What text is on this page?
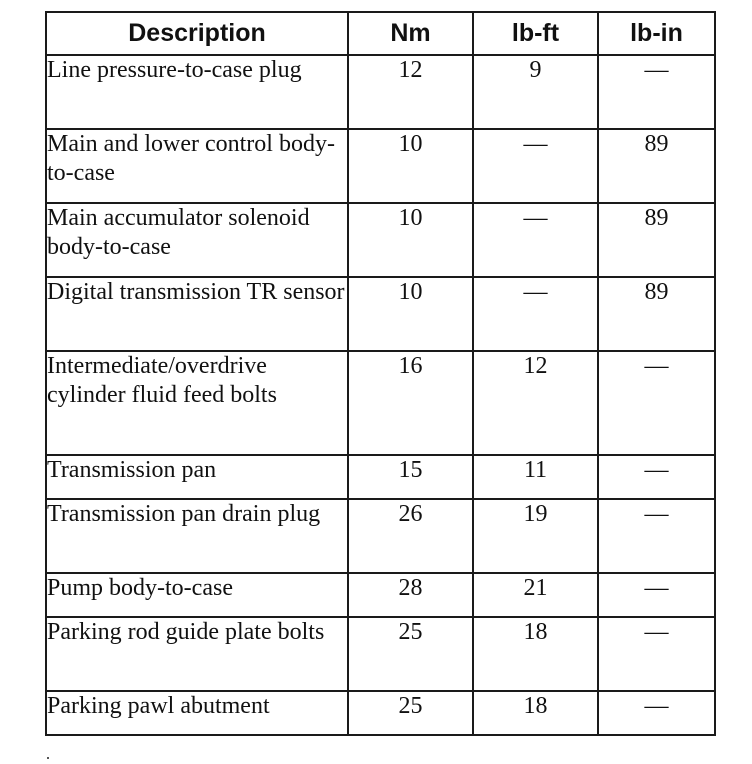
Description	Nm	lb-ft	lb-in
Line pressure-to-case plug	12	9	—
Main and lower control body-to-case	10	—	89
Main accumulator solenoid body-to-case	10	—	89
Digital transmission TR sensor	10	—	89
Intermediate/overdrive cylinder fluid feed bolts	16	12	—
Transmission pan	15	11	—
Transmission pan drain plug	26	19	—
Pump body-to-case	28	21	—
Parking rod guide plate bolts	25	18	—
Parking pawl abutment	25	18	—
